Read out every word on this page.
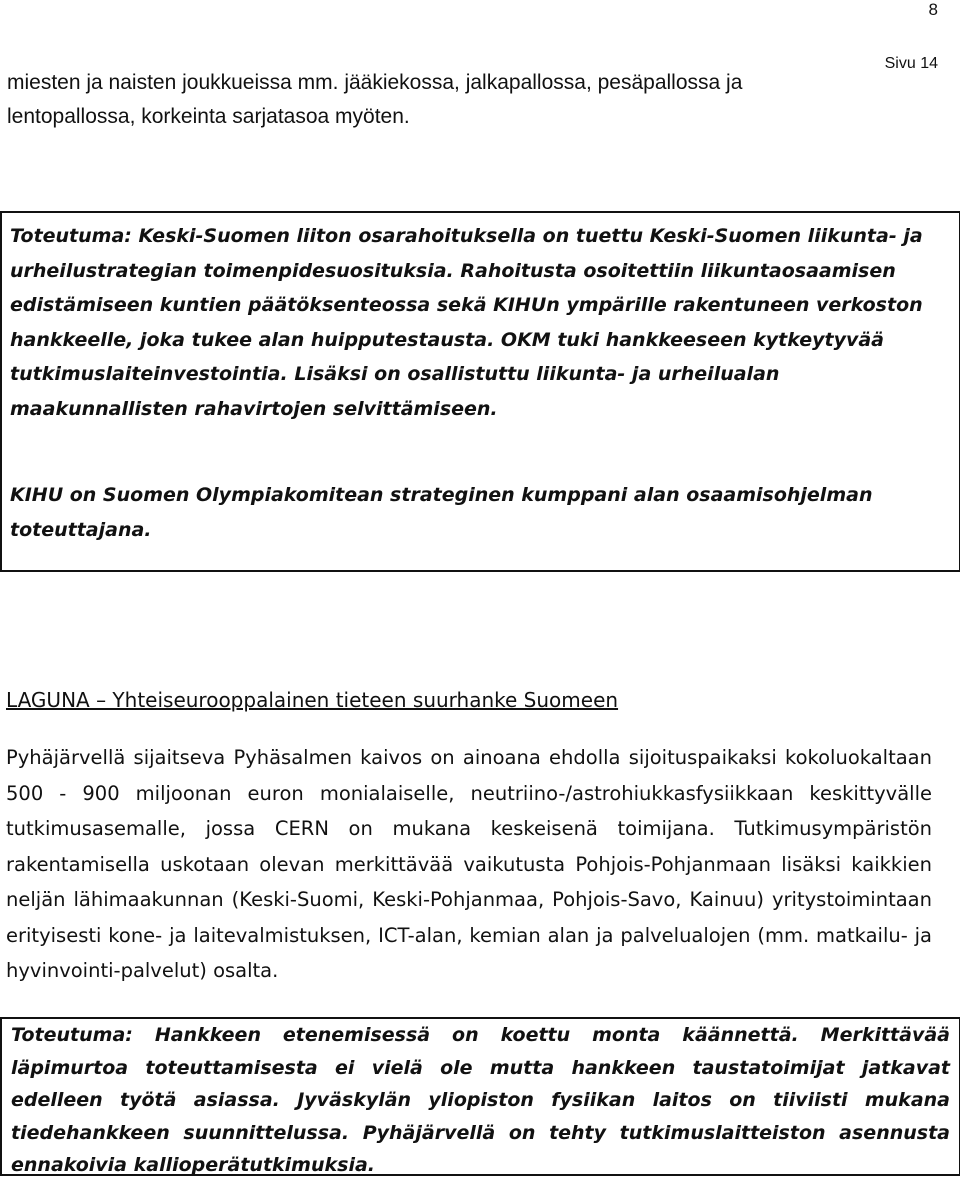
8
Sivu 14
miesten ja naisten joukkueissa mm. jääkiekossa, jalkapallossa, pesäpallossa ja lentopallossa, korkeinta sarjatasoa myöten.

Toteutuma: Keski-Suomen liiton osarahoituksella on tuettu Keski-Suomen liikunta- ja urheilustrategian toimenpidesuosituksia. Rahoitusta osoitettiin liikuntaosaamisen edistämiseen kuntien päätöksenteossa sekä KIHUn ympärille rakentuneen verkoston hankkeelle, joka tukee alan huipputestausta. OKM tuki hankkeeseen kytkeytyvää tutkimuslaiteinvestointia. Lisäksi on osallistuttu liikunta- ja urheilualan maakunnallisten rahavirtojen selvittämiseen.

KIHU on Suomen Olympiakomitean strateginen kumppani alan osaamisohjelman toteuttajana.

LAGUNA – Yhteiseurooppalainen tieteen suurhanke Suomeen
Pyhäjärvellä sijaitseva Pyhäsalmen kaivos on ainoana ehdolla sijoituspaikaksi kokoluokaltaan 500 - 900 miljoonan euron monialaiselle, neutriino-/astrohiukkasfysiikkaan keskittyvälle tutkimusasemalle, jossa CERN on mukana keskeisenä toimijana. Tutkimusympäristön rakentamisella uskotaan olevan merkittävää vaikutusta Pohjois-Pohjanmaan lisäksi kaikkien neljän lähimaakunnan (Keski-Suomi, Keski-Pohjanmaa, Pohjois-Savo, Kainuu) yritystoimintaan erityisesti kone- ja laitevalmistuksen, ICT-alan, kemian alan ja palvelualojen (mm. matkailu- ja hyvinvointi-palvelut) osalta.

Toteutuma: Hankkeen etenemisessä on koettu monta käännettä. Merkittävää läpimurtoa toteuttamisesta ei vielä ole mutta hankkeen taustatoimijat jatkavat edelleen työtä asiassa. Jyväskylän yliopiston fysiikan laitos on tiiviisti mukana tiedehankkeen suunnittelussa. Pyhäjärvellä on tehty tutkimuslaitteiston asennusta ennakoivia kallioperätutkimuksia.
